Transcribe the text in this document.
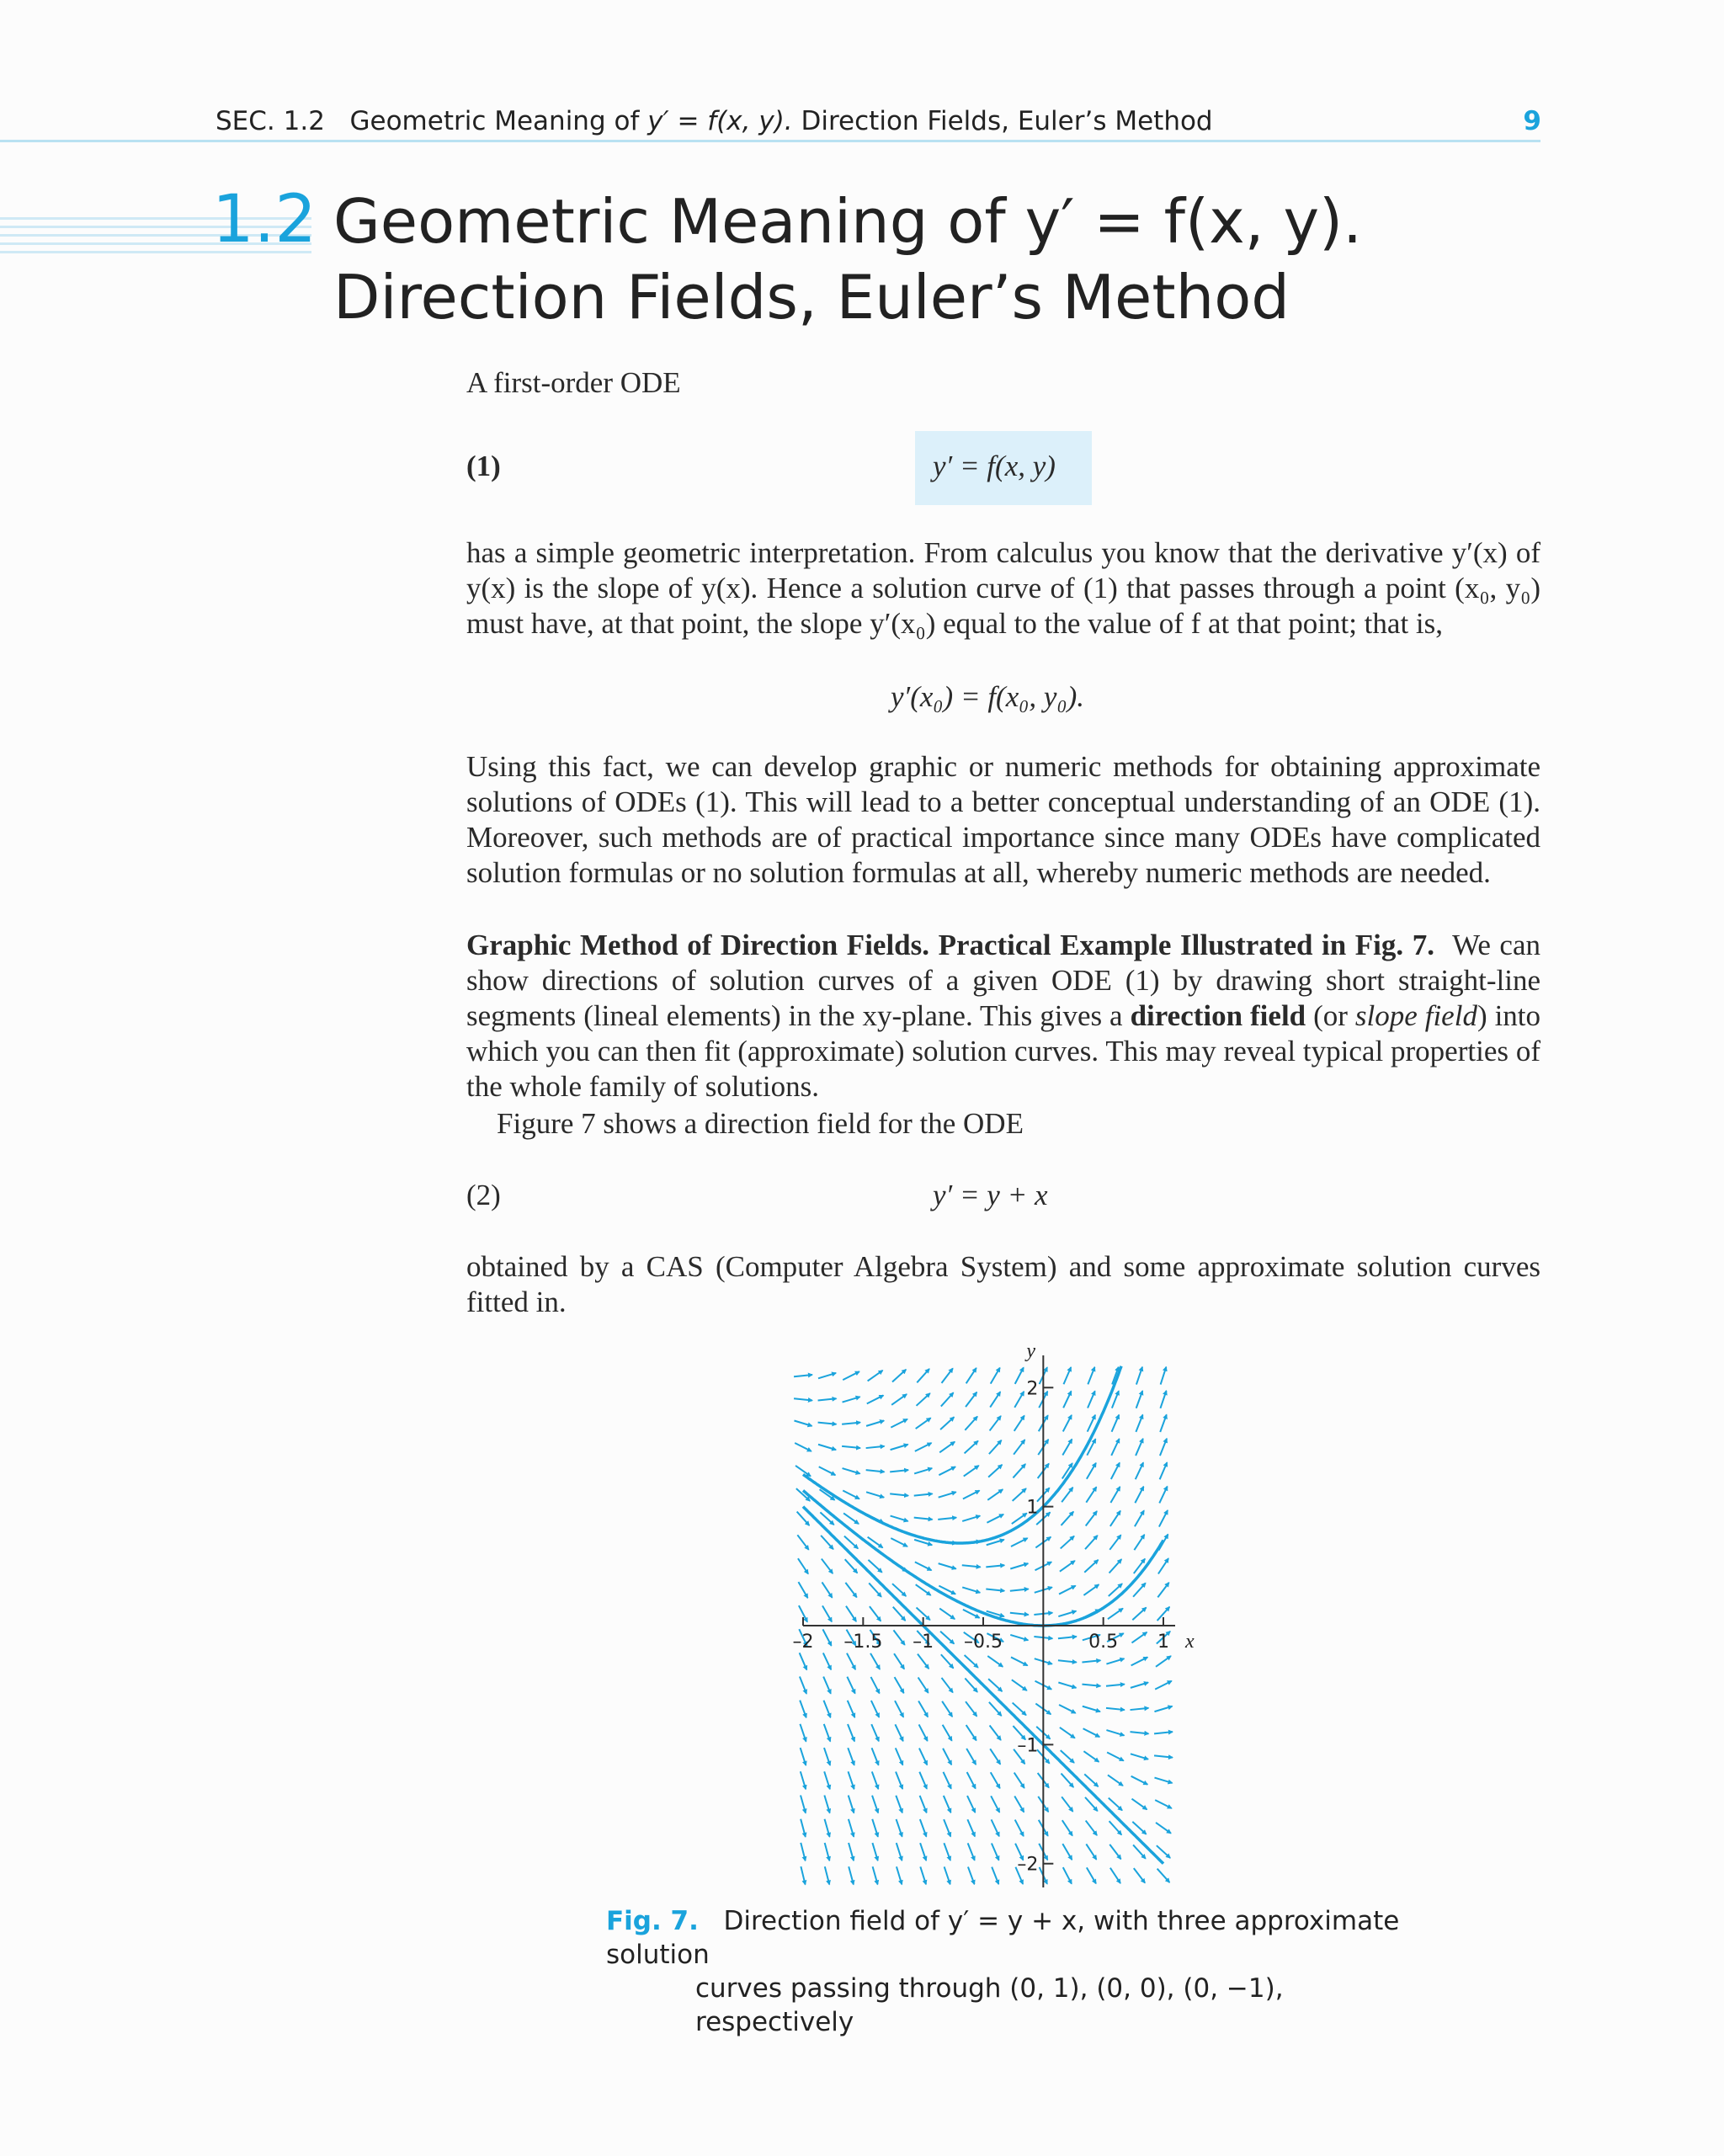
SEC. 1.2 Geometric Meaning of y′ = f(x, y). Direction Fields, Euler’s Method	9
1.2 Geometric Meaning of y′ = f(x, y).
Direction Fields, Euler’s Method
A first-order ODE
(1)	y′ = f(x, y)
has a simple geometric interpretation. From calculus you know that the derivative y′(x) of y(x) is the slope of y(x). Hence a solution curve of (1) that passes through a point (x₀, y₀) must have, at that point, the slope y′(x₀) equal to the value of f at that point; that is,
y′(x₀) = f(x₀, y₀).
Using this fact, we can develop graphic or numeric methods for obtaining approximate solutions of ODEs (1). This will lead to a better conceptual understanding of an ODE (1). Moreover, such methods are of practical importance since many ODEs have complicated solution formulas or no solution formulas at all, whereby numeric methods are needed.
Graphic Method of Direction Fields. Practical Example Illustrated in Fig. 7. We can show directions of solution curves of a given ODE (1) by drawing short straight-line segments (lineal elements) in the xy-plane. This gives a direction field (or slope field) into which you can then fit (approximate) solution curves. This may reveal typical properties of the whole family of solutions.
Figure 7 shows a direction field for the ODE
(2)	y′ = y + x
obtained by a CAS (Computer Algebra System) and some approximate solution curves fitted in.
–2 –1.5 –1 –0.5	0.5 1
2
1
–1
–2
x
y
Fig. 7. Direction field of y′ = y + x, with three approximate solution
curves passing through (0, 1), (0, 0), (0, −1), respectively
